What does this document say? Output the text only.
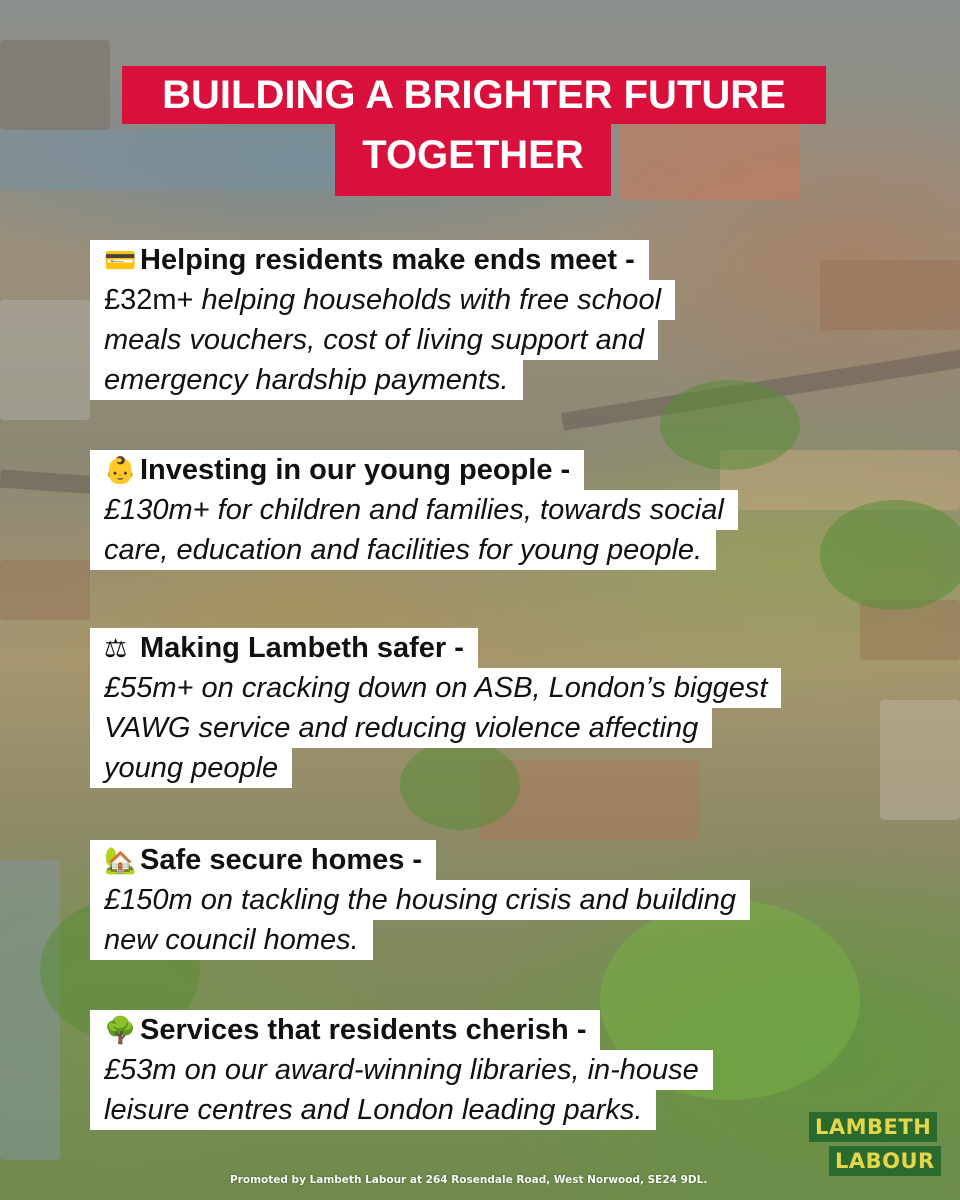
BUILDING A BRIGHTER FUTURE
TOGETHER
💳 Helping residents make ends meet -
£32m+ helping households with free school
meals vouchers, cost of living support and
emergency hardship payments.
👶 Investing in our young people -
£130m+ for children and families, towards social
care, education and facilities for young people.
⚖ Making Lambeth safer -
£55m+ on cracking down on ASB, London’s biggest
VAWG service and reducing violence affecting
young people
🏡 Safe secure homes -
£150m on tackling the housing crisis and building
new council homes.
🌳 Services that residents cherish -
£53m on our award-winning libraries, in-house
leisure centres and London leading parks.
Promoted by Lambeth Labour at 264 Rosendale Road, West Norwood, SE24 9DL.
LAMBETH
LABOUR
